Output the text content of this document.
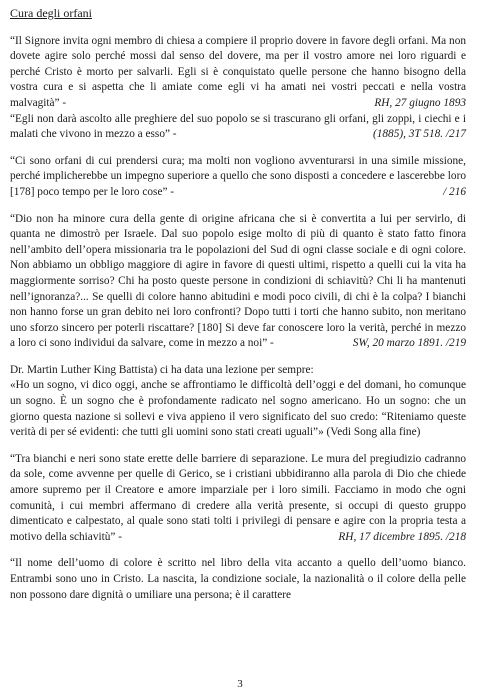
Cura degli orfani

“Il Signore invita ogni membro di chiesa a compiere il proprio dovere in favore degli orfani. Ma non dovete agire solo perché mossi dal senso del dovere, ma per il vostro amore nei loro riguardi e perché Cristo è morto per salvarli. Egli si è conquistato quelle persone che hanno bisogno della vostra cura e si aspetta che li amiate come egli vi ha amati nei vostri peccati e nella vostra malvagità” -	RH, 27 giugno 1893

“Egli non darà ascolto alle preghiere del suo popolo se si trascurano gli orfani, gli zoppi, i ciechi e i malati che vivono in mezzo a esso” -	(1885), 3T 518. /217

“Ci sono orfani di cui prendersi cura; ma molti non vogliono avventurarsi in una simile missione, perché implicherebbe un impegno superiore a quello che sono disposti a concedere e lascerebbe loro [178] poco tempo per le loro cose” -	/ 216

“Dio non ha minore cura della gente di origine africana che si è convertita a lui per servirlo, di quanta ne dimostrò per Israele. Dal suo popolo esige molto di più di quanto è stato fatto finora nell’ambito dell’opera missionaria tra le popolazioni del Sud di ogni classe sociale e di ogni colore. Non abbiamo un obbligo maggiore di agire in favore di questi ultimi, rispetto a quelli cui la vita ha maggiormente sorriso? Chi ha posto queste persone in condizioni di schiavitù? Chi li ha mantenuti nell’ignoranza?... Se quelli di colore hanno abitudini e modi poco civili, di chi è la colpa? I bianchi non hanno forse un gran debito nei loro confronti? Dopo tutti i torti che hanno subito, non meritano uno sforzo sincero per poterli riscattare? [180] Si deve far conoscere loro la verità, perché in mezzo a loro ci sono individui da salvare, come in mezzo a noi” -	SW, 20 marzo 1891. /219

Dr. Martin Luther King Battista) ci ha data una lezione per sempre:

«Ho un sogno, vi dico oggi, anche se affrontiamo le difficoltà dell’oggi e del domani, ho comunque un sogno. È un sogno che è profondamente radicato nel sogno americano. Ho un sogno: che un giorno questa nazione si sollevi e viva appieno il vero significato del suo credo: “Riteniamo queste verità di per sé evidenti: che tutti gli uomini sono stati creati uguali”» (Vedi Song alla fine)

“Tra bianchi e neri sono state erette delle barriere di separazione. Le mura del pregiudizio cadranno da sole, come avvenne per quelle di Gerico, se i cristiani ubbidiranno alla parola di Dio che chiede amore supremo per il Creatore e amore imparziale per i loro simili. Facciamo in modo che ogni comunità, i cui membri affermano di credere alla verità presente, si occupi di questo gruppo dimenticato e calpestato, al quale sono stati tolti i privilegi di pensare e agire con la propria testa a motivo della schiavitù” -	RH, 17 dicembre 1895. /218

“Il nome dell’uomo di colore è scritto nel libro della vita accanto a quello dell’uomo bianco. Entrambi sono uno in Cristo. La nascita, la condizione sociale, la nazionalità o il colore della pelle non possono dare dignità o umiliare una persona; è il carattere

3
